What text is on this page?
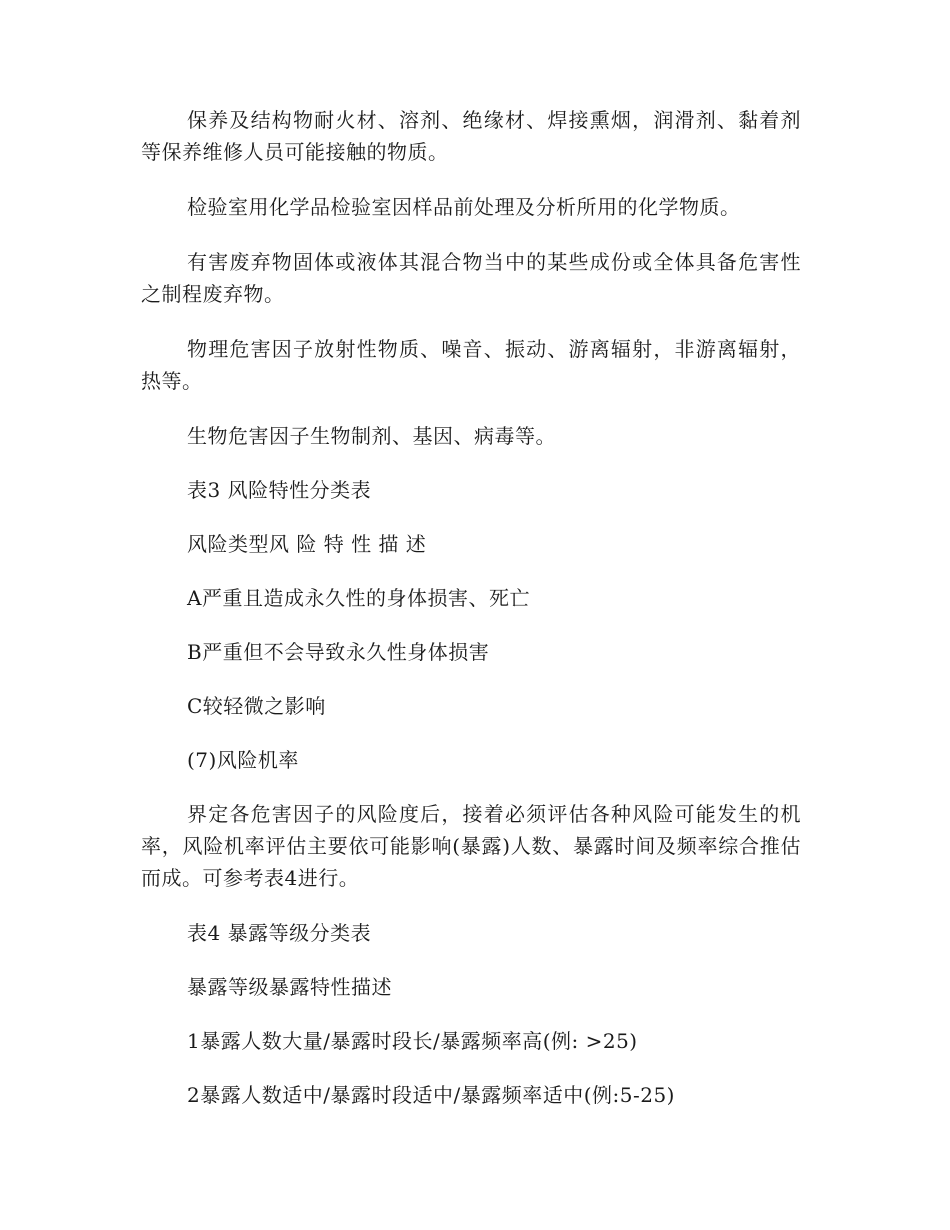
保养及结构物耐火材、溶剂、绝缘材、焊接熏烟，润滑剂、黏着剂等保养维修人员可能接触的物质。

检验室用化学品检验室因样品前处理及分析所用的化学物质。

有害废弃物固体或液体其混合物当中的某些成份或全体具备危害性之制程废弃物。

物理危害因子放射性物质、噪音、振动、游离辐射，非游离辐射，热等。

生物危害因子生物制剂、基因、病毒等。

表3 风险特性分类表

风险类型风 险 特 性 描 述

A严重且造成永久性的身体损害、死亡

B严重但不会导致永久性身体损害

C较轻微之影响

(7)风险机率

界定各危害因子的风险度后，接着必须评估各种风险可能发生的机率，风险机率评估主要依可能影响(暴露)人数、暴露时间及频率综合推估而成。可参考表4进行。

表4 暴露等级分类表

暴露等级暴露特性描述

1暴露人数大量/暴露时段长/暴露频率高(例: >25)

2暴露人数适中/暴露时段适中/暴露频率适中(例:5-25)
